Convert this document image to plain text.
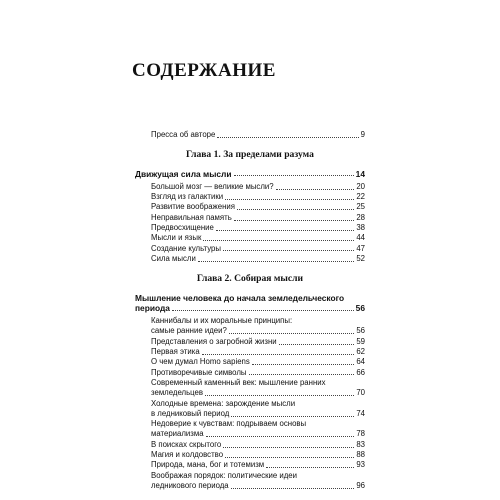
СОДЕРЖАНИЕ
Пресса об авторе	9
Глава 1. За пределами разума
Движущая сила мысли	14
Большой мозг — великие мысли?	20
Взгляд из галактики	22
Развитие воображения	25
Неправильная память	28
Предвосхищение	38
Мысли и язык	44
Создание культуры	47
Сила мысли	52
Глава 2. Собирая мысли
Мышление человека до начала земледельческого
периода	56
Каннибалы и их моральные принципы:
самые ранние идеи?	56
Представления о загробной жизни	59
Первая этика	62
О чем думал Homo sapiens	64
Противоречивые символы	66
Современный каменный век: мышление ранних
земледельцев	70
Холодные времена: зарождение мысли
в ледниковый период	74
Недоверие к чувствам: подрываем основы
материализма	78
В поисках скрытого	83
Магия и колдовство	88
Природа, мана, бог и тотемизм	93
Воображая порядок: политические идеи
ледникового периода	96
